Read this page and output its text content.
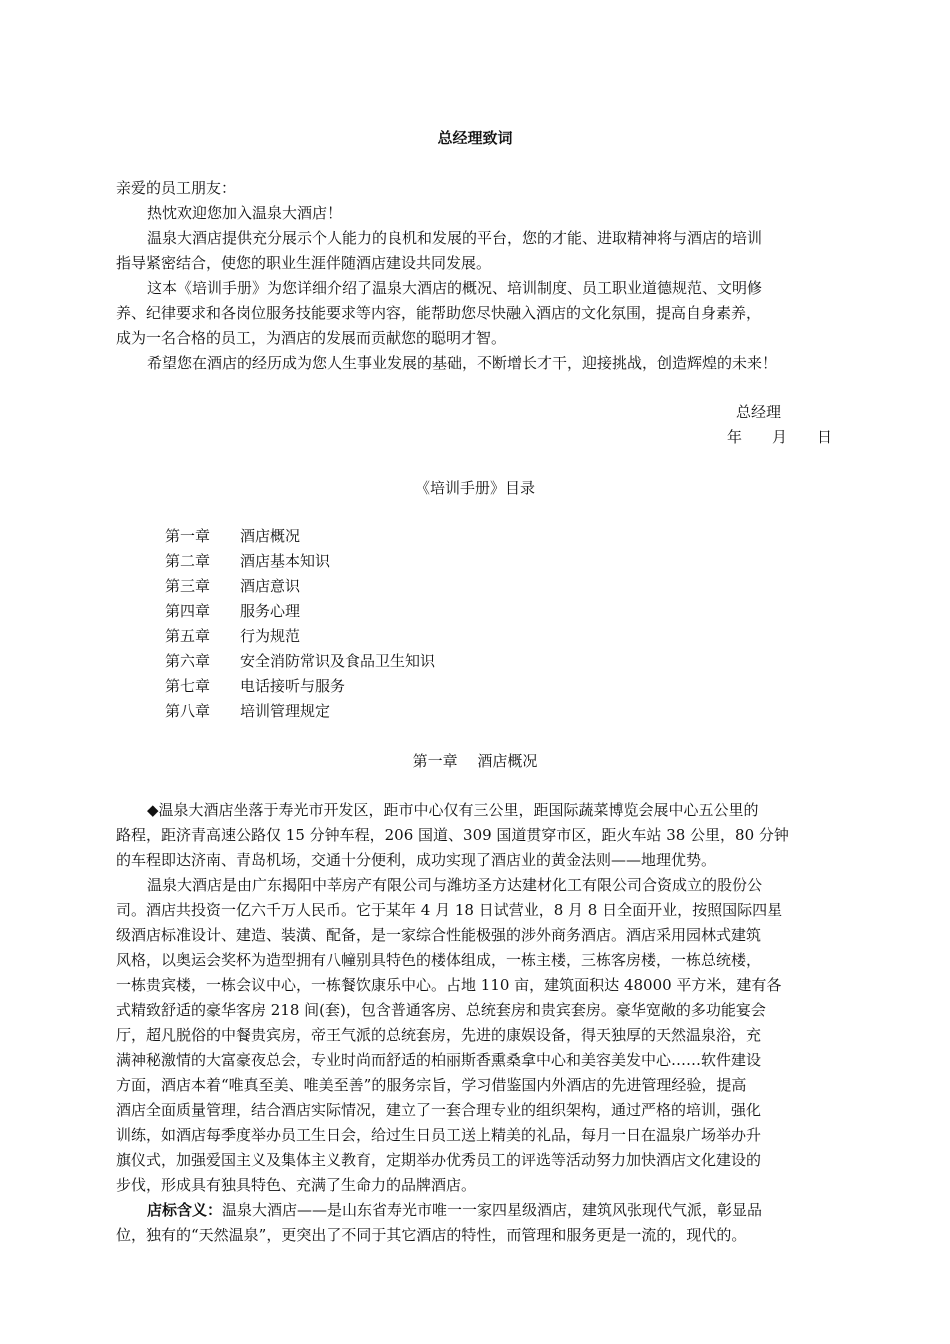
总经理致词
亲爱的员工朋友：
热忱欢迎您加入温泉大酒店！
温泉大酒店提供充分展示个人能力的良机和发展的平台，您的才能、进取精神将与酒店的培训
指导紧密结合，使您的职业生涯伴随酒店建设共同发展。
这本《培训手册》为您详细介绍了温泉大酒店的概况、培训制度、员工职业道德规范、文明修
养、纪律要求和各岗位服务技能要求等内容，能帮助您尽快融入酒店的文化氛围，提高自身素养，
成为一名合格的员工，为酒店的发展而贡献您的聪明才智。
希望您在酒店的经历成为您人生事业发展的基础，不断增长才干，迎接挑战，创造辉煌的未来！
总经理
年　　月　　日
《培训手册》目录
第一章 酒店概况
第二章 酒店基本知识
第三章 酒店意识
第四章 服务心理
第五章 行为规范
第六章 安全消防常识及食品卫生知识
第七章 电话接听与服务
第八章 培训管理规定
第一章　 酒店概况
◆温泉大酒店坐落于寿光市开发区，距市中心仅有三公里，距国际蔬菜博览会展中心五公里的
路程，距济青高速公路仅 15 分钟车程，206 国道、309 国道贯穿市区，距火车站 38 公里，80 分钟
的车程即达济南、青岛机场，交通十分便利，成功实现了酒店业的黄金法则——地理优势。
温泉大酒店是由广东揭阳中莘房产有限公司与潍坊圣方达建材化工有限公司合资成立的股份公
司。酒店共投资一亿六千万人民币。它于某年 4 月 18 日试营业，8 月 8 日全面开业，按照国际四星
级酒店标准设计、建造、装潢、配备，是一家综合性能极强的涉外商务酒店。酒店采用园林式建筑
风格，以奥运会奖杯为造型拥有八幢别具特色的楼体组成，一栋主楼，三栋客房楼，一栋总统楼，
一栋贵宾楼，一栋会议中心，一栋餐饮康乐中心。占地 110 亩，建筑面积达 48000 平方米，建有各
式精致舒适的豪华客房 218 间(套)，包含普通客房、总统套房和贵宾套房。豪华宽敞的多功能宴会
厅，超凡脱俗的中餐贵宾房，帝王气派的总统套房，先进的康娱设备，得天独厚的天然温泉浴，充
满神秘激情的大富豪夜总会，专业时尚而舒适的柏丽斯香熏桑拿中心和美容美发中心……软件建设
方面，酒店本着“唯真至美、唯美至善”的服务宗旨，学习借鉴国内外酒店的先进管理经验，提高
酒店全面质量管理，结合酒店实际情况，建立了一套合理专业的组织架构，通过严格的培训，强化
训练，如酒店每季度举办员工生日会，给过生日员工送上精美的礼品，每月一日在温泉广场举办升
旗仪式，加强爱国主义及集体主义教育，定期举办优秀员工的评选等活动努力加快酒店文化建设的
步伐，形成具有独具特色、充满了生命力的品牌酒店。
店标含义：温泉大酒店——是山东省寿光市唯一一家四星级酒店，建筑风张现代气派，彰显品
位，独有的“天然温泉”，更突出了不同于其它酒店的特性，而管理和服务更是一流的，现代的。
